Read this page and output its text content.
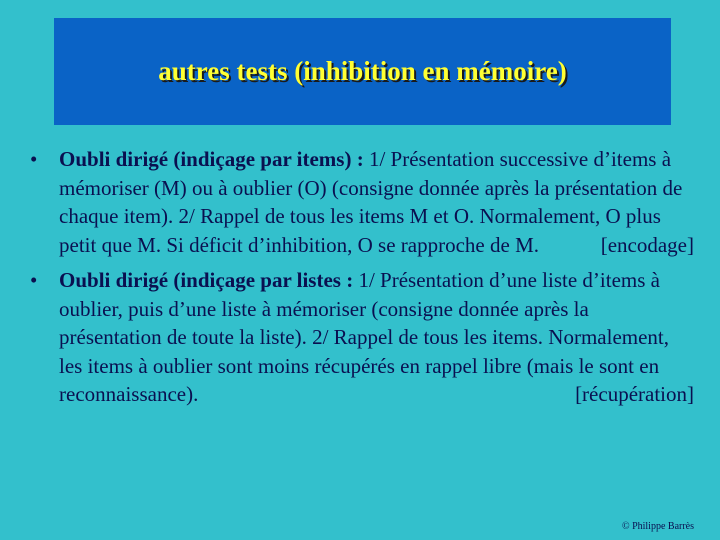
autres tests (inhibition en mémoire)
• Oubli dirigé (indiçage par items) : 1/ Présentation successive d’items à mémoriser (M) ou à oublier (O) (consigne donnée après la présentation de chaque item). 2/ Rappel de tous les items M et O. Normalement, O plus petit que M. Si déficit d’inhibition, O se rapproche de M.	[encodage]
• Oubli dirigé (indiçage par listes : 1/ Présentation d’une liste d’items à oublier, puis d’une liste à mémoriser (consigne donnée après la présentation de toute la liste). 2/ Rappel de tous les items. Normalement, les items à oublier sont moins récupérés en rappel libre (mais le sont en reconnaissance).	[récupération]
© Philippe Barrès
